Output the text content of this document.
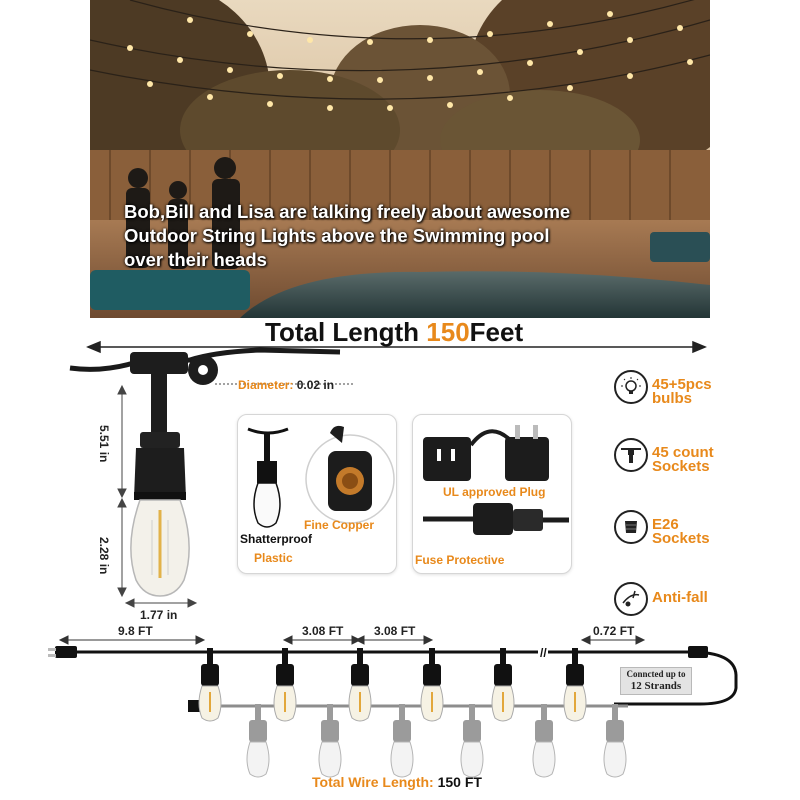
Bob,Bill and Lisa are talking freely about awesome
Outdoor String Lights above the Swimming pool
over their heads
Total Length 150Feet
Diameter: 0.02 in
5.51 in
2.28 in
1.77 in
Fine Copper
Shatterproof
Plastic
UL approved Plug
Fuse Protective
45+5pcs
bulbs
45 count
Sockets
E26
Sockets
Anti-fall
//
9.8 FT	3.08 FT	3.08 FT	0.72 FT
Conncted up to
12 Strands
Total Wire Length: 150 FT
